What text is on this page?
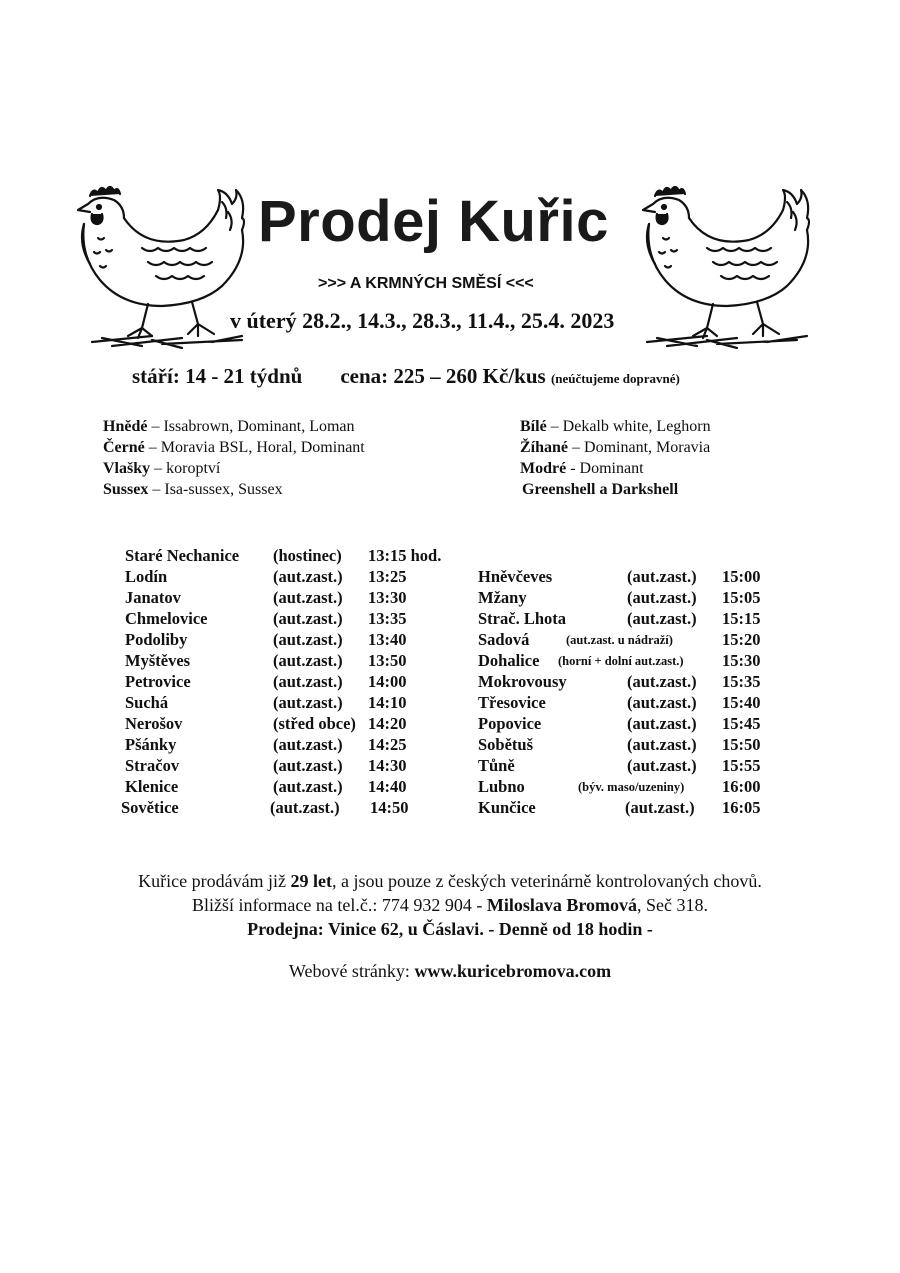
Prodej Kuřic
>>> A KRMNÝCH SMĚSÍ <<<
v úterý 28.2., 14.3., 28.3., 11.4., 25.4. 2023
stáří: 14 - 21 týdnů cena: 225 – 260 Kč/kus (neúčtujeme dopravné)
Hnědé – Issabrown, Dominant, Loman
Černé – Moravia BSL, Horal, Dominant
Vlašky – koroptví
Sussex – Isa-sussex, Sussex
Bílé – Dekalb white, Leghorn
Žíhané – Dominant, Moravia
Modré - Dominant
Greenshell a Darkshell
Staré Nechanice (hostinec) 13:15 hod.
Lodín	(aut.zast.) 13:25
Janatov	(aut.zast.) 13:30
Chmelovice	(aut.zast.) 13:35
Podoliby	(aut.zast.) 13:40
Myštěves	(aut.zast.) 13:50
Petrovice	(aut.zast.) 14:00
Suchá	(aut.zast.) 14:10
Nerošov	(střed obce) 14:20
Pšánky	(aut.zast.) 14:25
Stračov	(aut.zast.) 14:30
Klenice	(aut.zast.) 14:40
Sovětice	(aut.zast.) 14:50
Hněvčeves	(aut.zast.) 15:00
Mžany	(aut.zast.) 15:05
Strač. Lhota	(aut.zast.) 15:15
Sadová	(aut.zast. u nádraží)	15:20
Dohalice (horní + dolní aut.zast.) 15:30
Mokrovousy	(aut.zast.) 15:35
Třesovice	(aut.zast.) 15:40
Popovice	(aut.zast.) 15:45
Sobětuš	(aut.zast.) 15:50
Tůně	(aut.zast.) 15:55
Lubno	(býv. maso/uzeniny) 16:00
Kunčice	(aut.zast.) 16:05
Kuřice prodávám již 29 let, a jsou pouze z českých veterinárně kontrolovaných chovů.
Bližší informace na tel.č.: 774 932 904 - Miloslava Bromová, Seč 318.
Prodejna: Vinice 62, u Čáslavi. - Denně od 18 hodin -
Webové stránky: www.kuricebromova.com
